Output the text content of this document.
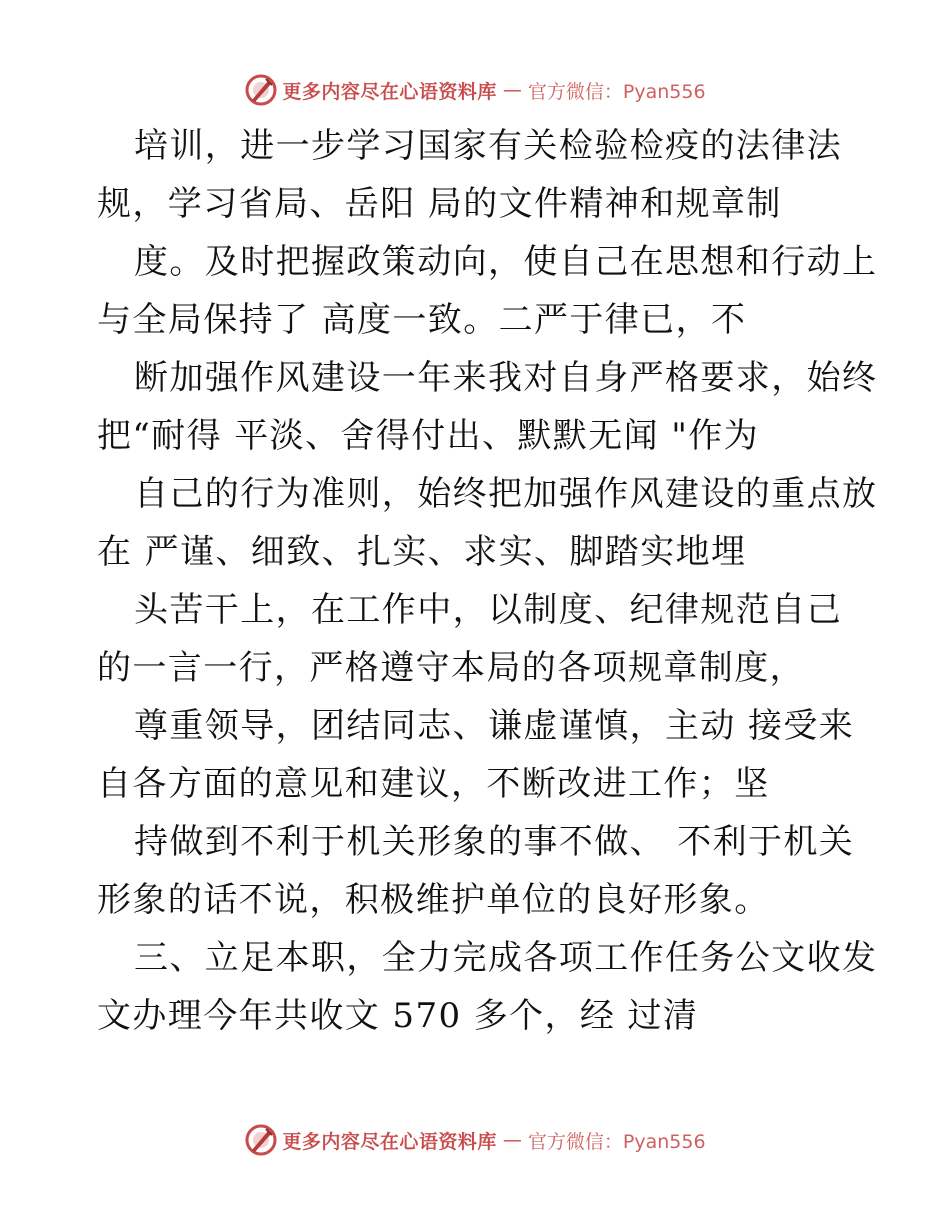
更多内容尽在心语资料库 — 官方微信：Pyan556
培训，进一步学习国家有关检验检疫的法律法
规，学习省局、岳阳 局的文件精神和规章制
度。及时把握政策动向，使自己在思想和行动上
与全局保持了 高度一致。二严于律已，不
断加强作风建设一年来我对自身严格要求，始终
把“耐得 平淡、舍得付出、默默无闻 "作为
自己的行为准则，始终把加强作风建设的重点放
在 严谨、细致、扎实、求实、脚踏实地埋
头苦干上，在工作中，以制度、纪律规范自己
的一言一行，严格遵守本局的各项规章制度，
尊重领导，团结同志、谦虚谨慎，主动 接受来
自各方面的意见和建议，不断改进工作；坚
持做到不利于机关形象的事不做、 不利于机关
形象的话不说，积极维护单位的良好形象。
三、立足本职，全力完成各项工作任务公文收发
文办理今年共收文 570 多个，经 过清
更多内容尽在心语资料库 — 官方微信：Pyan556
